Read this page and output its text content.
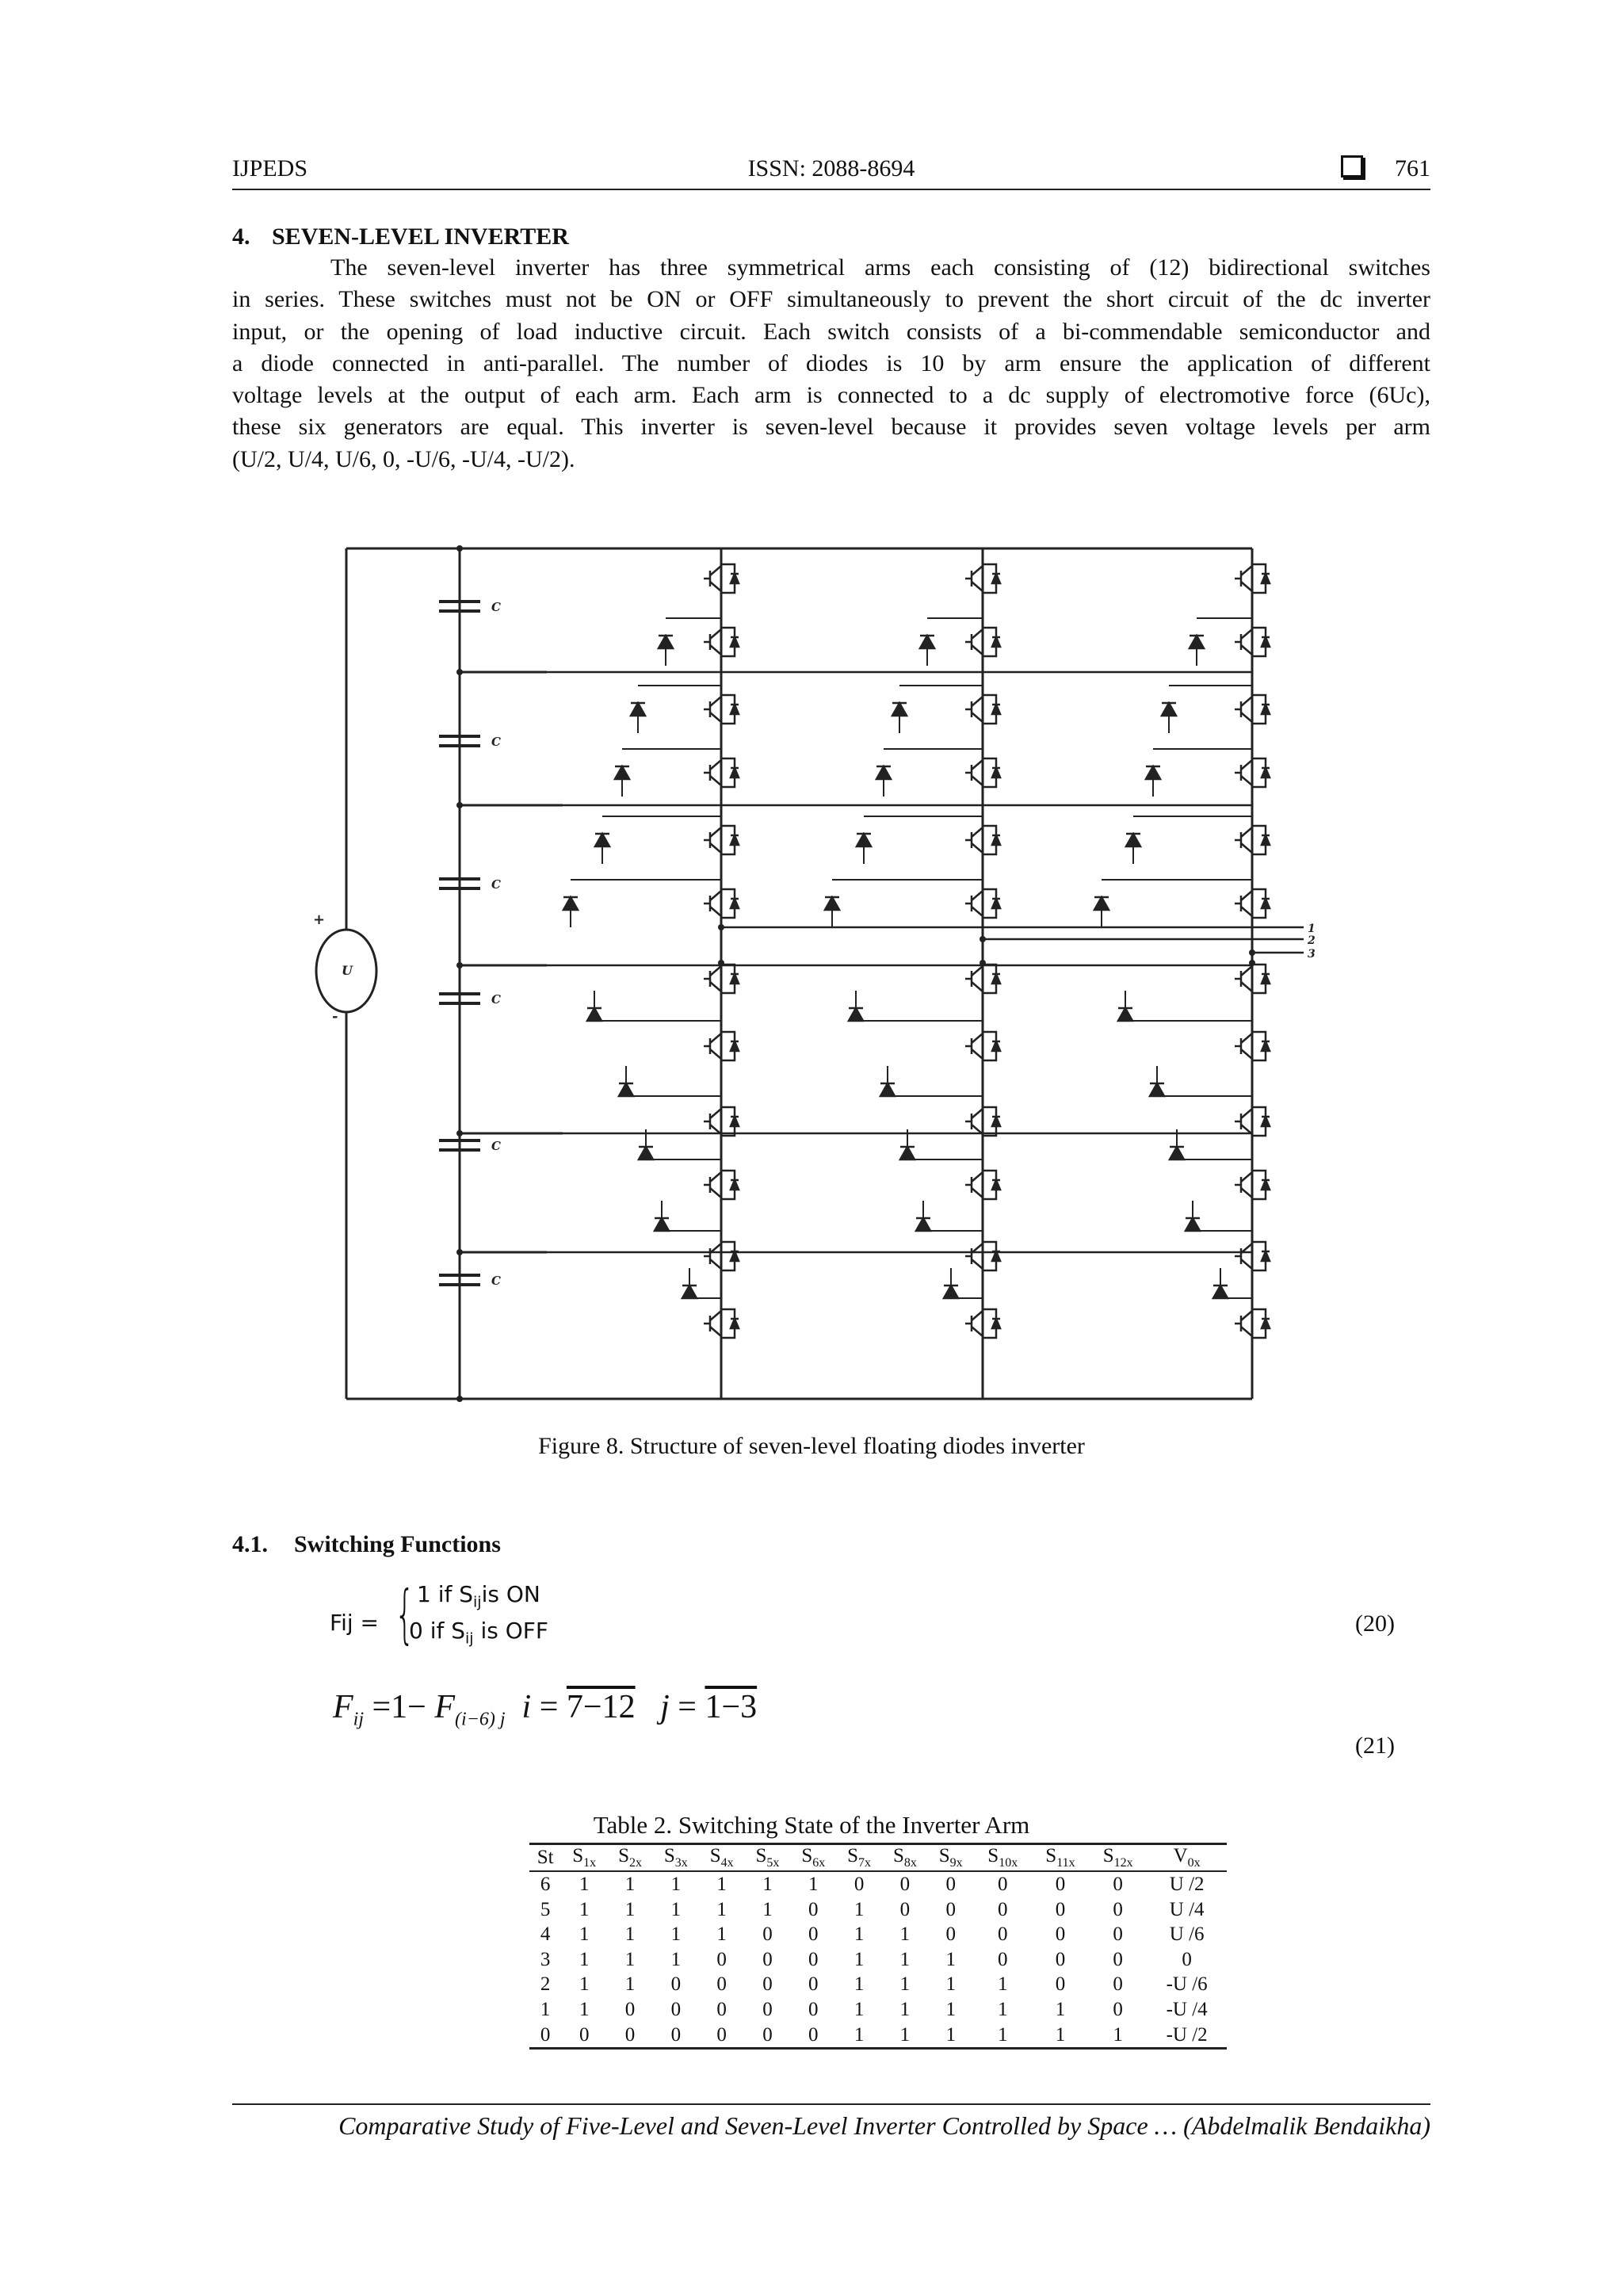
IJPEDS	ISSN: 2088-8694	761
4. SEVEN-LEVEL INVERTER
The seven-level inverter has three symmetrical arms each consisting of (12) bidirectional switches
in series. These switches must not be ON or OFF simultaneously to prevent the short circuit of the dc inverter
input, or the opening of load inductive circuit. Each switch consists of a bi-commendable semiconductor and
a diode connected in anti-parallel. The number of diodes is 10 by arm ensure the application of different
voltage levels at the output of each arm. Each arm is connected to a dc supply of electromotive force (6Uc),
these six generators are equal. This inverter is seven-level because it provides seven voltage levels per arm
(U/2, U/4, U/6, 0, -U/6, -U/4, -U/2).
U
+
-
C
C
C
C
C
C
1
2
3
Figure 8. Structure of seven-level floating diodes inverter
4.1. Switching Functions
Fij = { 1 if $S_{ij}is$ ON
0 if $S_{ij}$ is OFF	(20)
$F_{ij} =1- F_{(i-6) j}$ i = 7−12 j = 1−3
(21)
Table 2. Switching State of the Inverter Arm
St	$S_{1x}$	$S_{2x}$	$S_{3x}$	$S_{4x}$	$S_{5x}$	$S_{6x}$	$S_{7x}$	$S_{8x}$	$S_{9x}$	$S_{10x}$	$S_{11x}$	$S_{12x}$	$V_{0x}$
6	1	1	1	1	1	1	0	0	0	0	0	0	U /2
5	1	1	1	1	1	0	1	0	0	0	0	0	U /4
4	1	1	1	1	0	0	1	1	0	0	0	0	U /6
3	1	1	1	0	0	0	1	1	1	0	0	0	0
2	1	1	0	0	0	0	1	1	1	1	0	0	-U /6
1	1	0	0	0	0	0	1	1	1	1	1	0	-U /4
0	0	0	0	0	0	0	1	1	1	1	1	1	-U /2
Comparative Study of Five-Level and Seven-Level Inverter Controlled by Space … (Abdelmalik Bendaikha)
